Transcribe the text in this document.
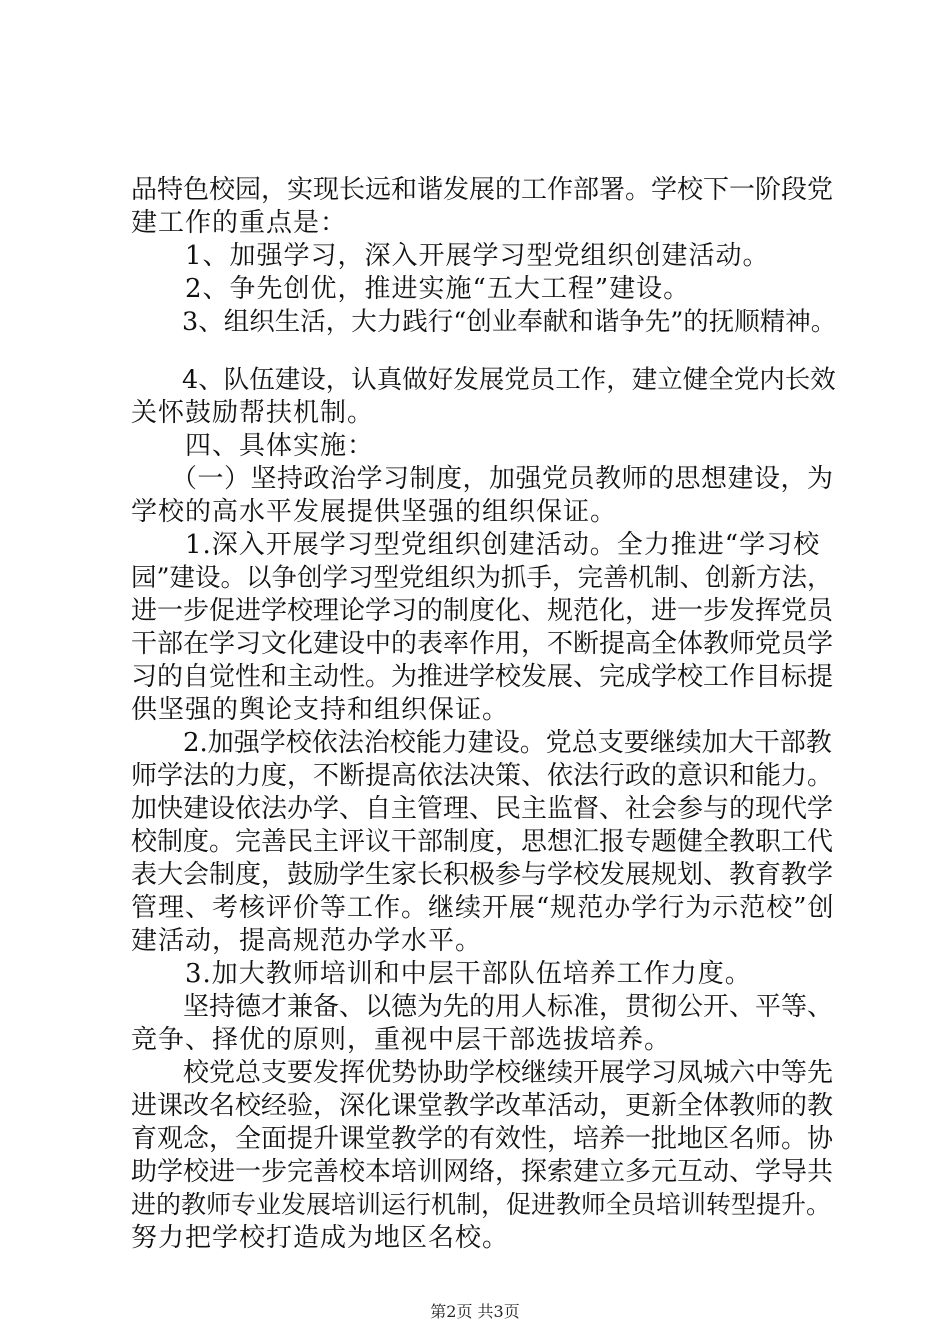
品特色校园，实现长远和谐发展的工作部署。学校下一阶段党
建工作的重点是：
　　1、加强学习，深入开展学习型党组织创建活动。
　　2、争先创优，推进实施“五大工程”建设。
　　3、组织生活，大力践行“创业奉献和谐争先”的抚顺精神。
　　4、队伍建设，认真做好发展党员工作，建立健全党内长效
关怀鼓励帮扶机制。
　　四、具体实施：
　　（一）坚持政治学习制度，加强党员教师的思想建设，为
学校的高水平发展提供坚强的组织保证。
　　1.深入开展学习型党组织创建活动。全力推进“学习校
园”建设。以争创学习型党组织为抓手，完善机制、创新方法，
进一步促进学校理论学习的制度化、规范化，进一步发挥党员
干部在学习文化建设中的表率作用，不断提高全体教师党员学
习的自觉性和主动性。为推进学校发展、完成学校工作目标提
供坚强的舆论支持和组织保证。
　　2.加强学校依法治校能力建设。党总支要继续加大干部教
师学法的力度，不断提高依法决策、依法行政的意识和能力。
加快建设依法办学、自主管理、民主监督、社会参与的现代学
校制度。完善民主评议干部制度，思想汇报专题健全教职工代
表大会制度，鼓励学生家长积极参与学校发展规划、教育教学
管理、考核评价等工作。继续开展“规范办学行为示范校”创
建活动，提高规范办学水平。
　　3.加大教师培训和中层干部队伍培养工作力度。
　　坚持德才兼备、以德为先的用人标准，贯彻公开、平等、
竞争、择优的原则，重视中层干部选拔培养。
　　校党总支要发挥优势协助学校继续开展学习凤城六中等先
进课改名校经验，深化课堂教学改革活动，更新全体教师的教
育观念，全面提升课堂教学的有效性，培养一批地区名师。协
助学校进一步完善校本培训网络，探索建立多元互动、学导共
进的教师专业发展培训运行机制，促进教师全员培训转型提升。
努力把学校打造成为地区名校。
第2页 共3页
